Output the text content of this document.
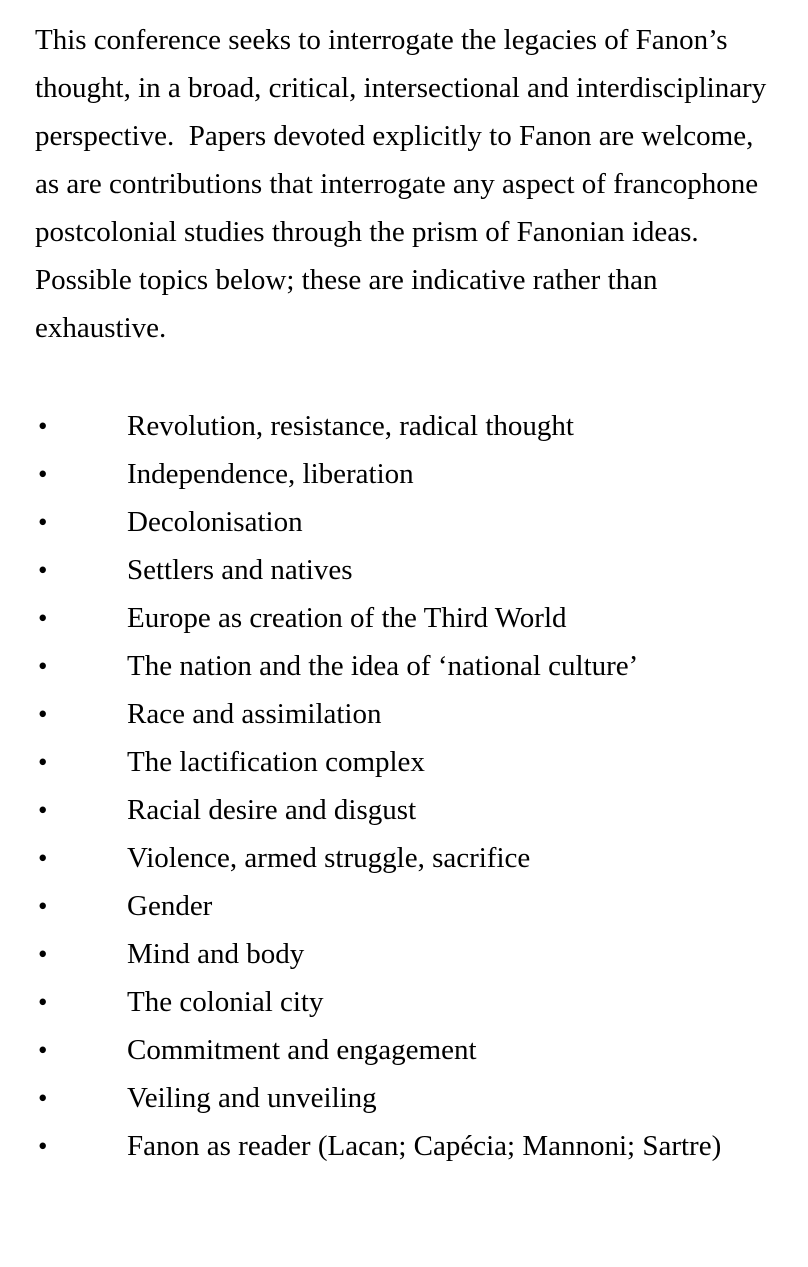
This conference seeks to interrogate the legacies of Fanon’s thought, in a broad, critical, intersectional and interdisciplinary perspective.  Papers devoted explicitly to Fanon are welcome, as are contributions that interrogate any aspect of francophone postcolonial studies through the prism of Fanonian ideas. Possible topics below; these are indicative rather than exhaustive.

•	Revolution, resistance, radical thought
•	Independence, liberation
•	Decolonisation
•	Settlers and natives
•	Europe as creation of the Third World
•	The nation and the idea of ‘national culture’
•	Race and assimilation
•	The lactification complex
•	Racial desire and disgust
•	Violence, armed struggle, sacrifice
•	Gender
•	Mind and body
•	The colonial city
•	Commitment and engagement
•	Veiling and unveiling
•	Fanon as reader (Lacan; Capécia; Mannoni; Sartre)
